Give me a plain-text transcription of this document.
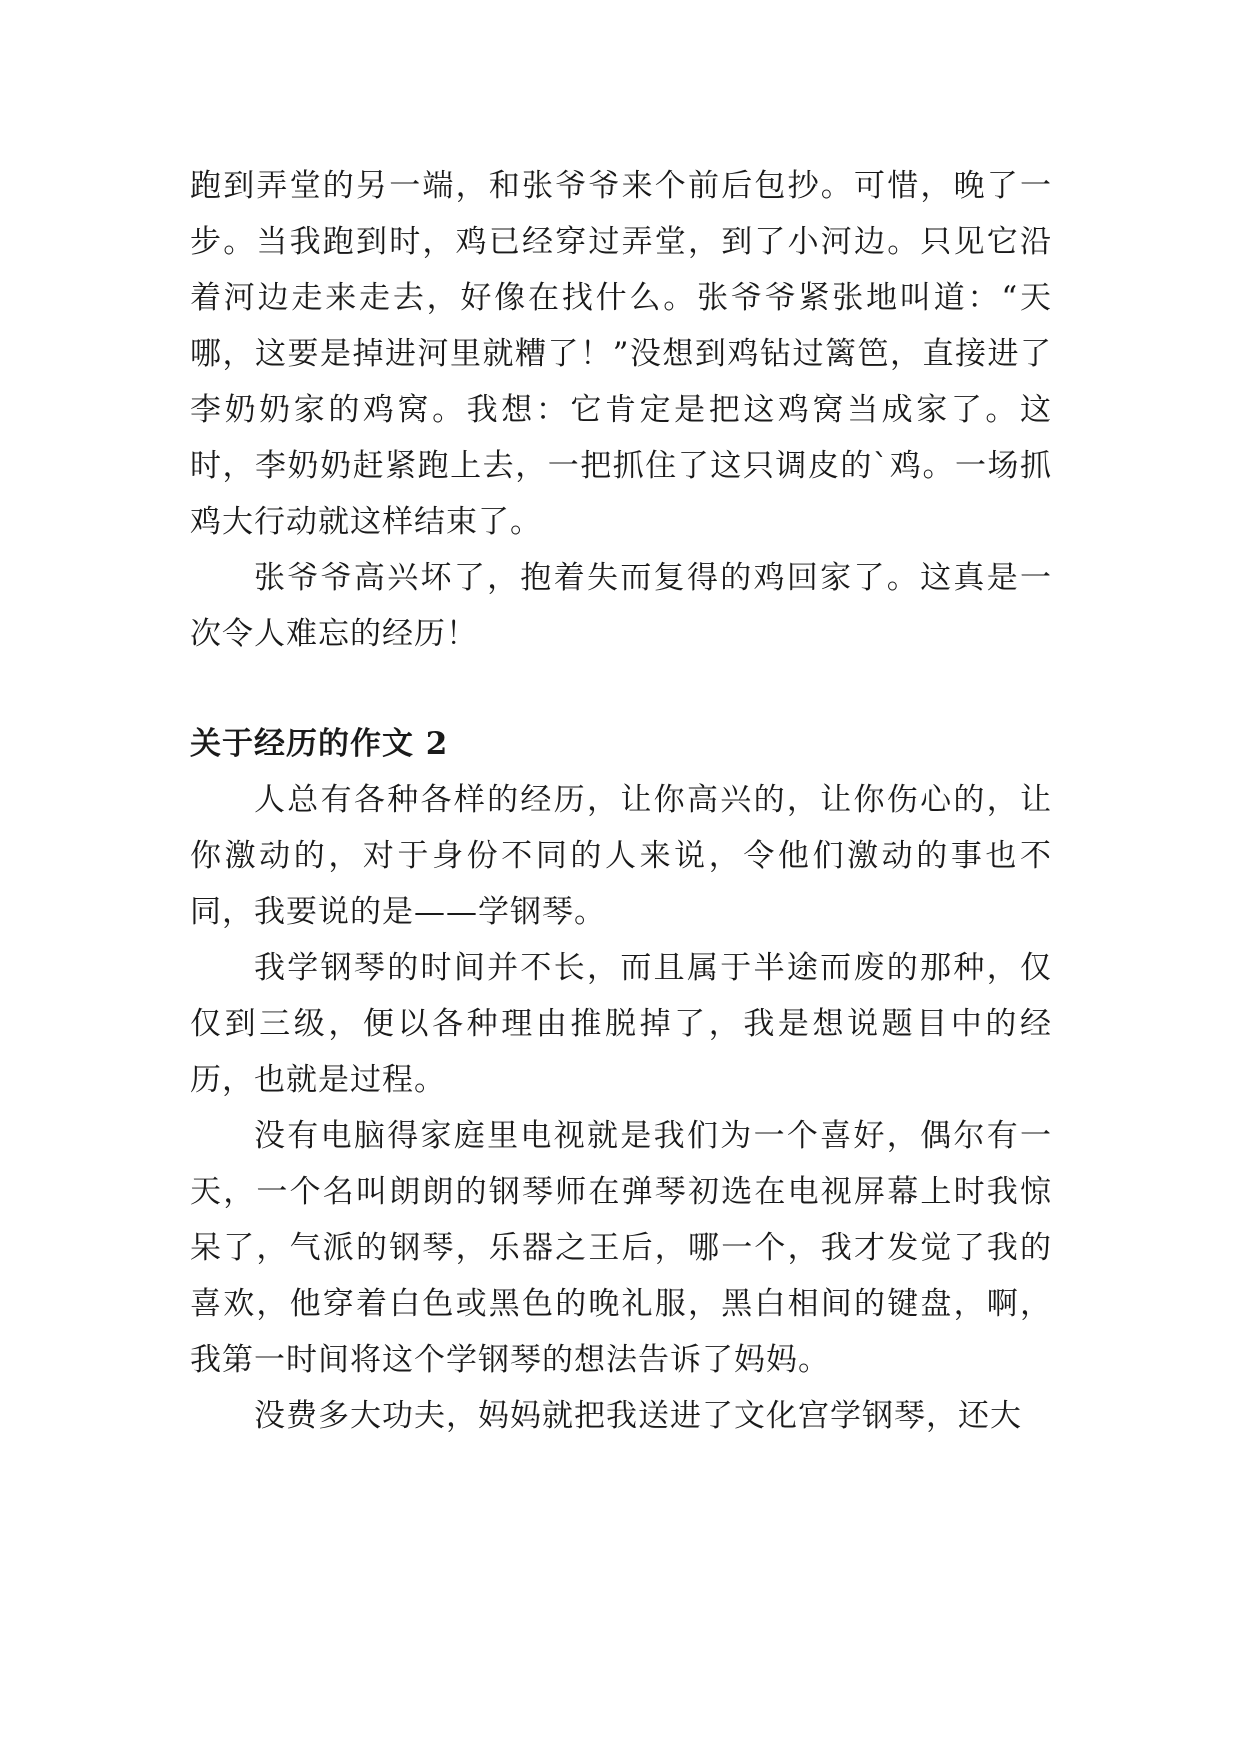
跑到弄堂的另一端，和张爷爷来个前后包抄。可惜，晚了一步。当我跑到时，鸡已经穿过弄堂，到了小河边。只见它沿着河边走来走去，好像在找什么。张爷爷紧张地叫道：“天哪，这要是掉进河里就糟了！”没想到鸡钻过篱笆，直接进了李奶奶家的鸡窝。我想：它肯定是把这鸡窝当成家了。这时，李奶奶赶紧跑上去，一把抓住了这只调皮的`鸡。一场抓鸡大行动就这样结束了。

张爷爷高兴坏了，抱着失而复得的鸡回家了。这真是一次令人难忘的经历！

关于经历的作文 2

人总有各种各样的经历，让你高兴的，让你伤心的，让你激动的，对于身份不同的人来说，令他们激动的事也不同，我要说的是——学钢琴。

我学钢琴的时间并不长，而且属于半途而废的那种，仅仅到三级，便以各种理由推脱掉了，我是想说题目中的经历，也就是过程。

没有电脑得家庭里电视就是我们为一个喜好，偶尔有一天，一个名叫朗朗的钢琴师在弹琴初选在电视屏幕上时我惊呆了，气派的钢琴，乐器之王后，哪一个，我才发觉了我的喜欢，他穿着白色或黑色的晚礼服，黑白相间的键盘，啊，我第一时间将这个学钢琴的想法告诉了妈妈。

没费多大功夫，妈妈就把我送进了文化宫学钢琴，还大
